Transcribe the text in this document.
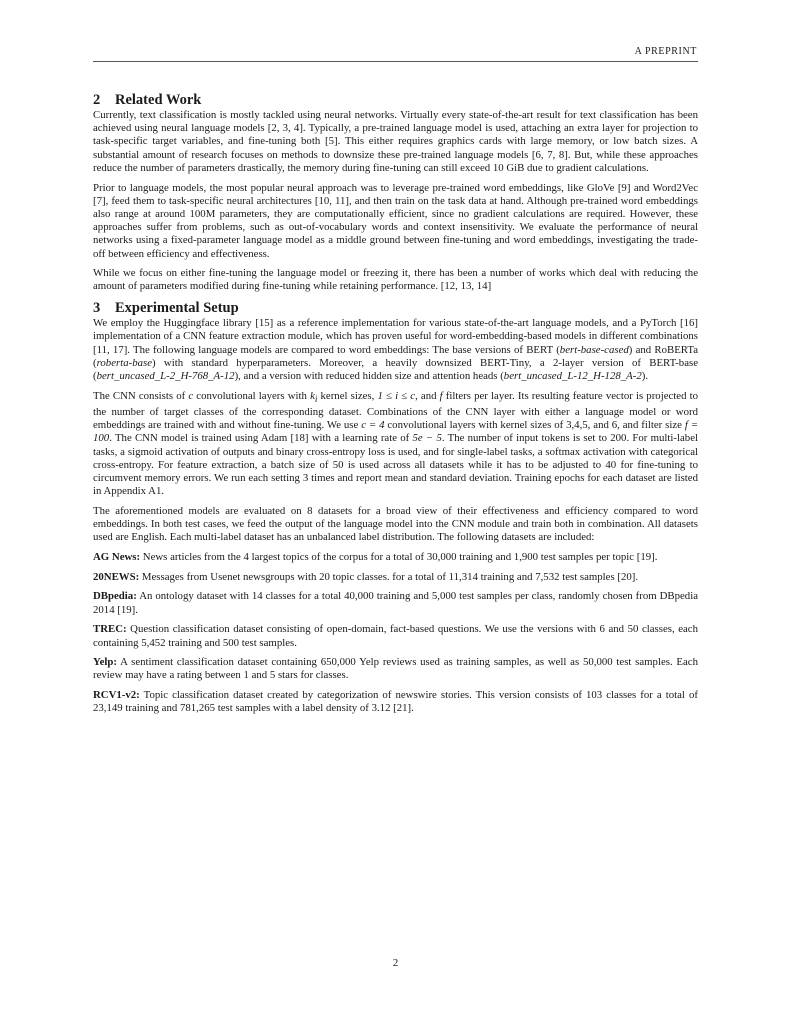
A PREPRINT
2 Related Work

Currently, text classification is mostly tackled using neural networks. Virtually every state-of-the-art result for text classification has been achieved using neural language models [2, 3, 4]. Typically, a pre-trained language model is used, attaching an extra layer for projection to task-specific target variables, and fine-tuning both [5]. This either requires graphics cards with large memory, or low batch sizes. A substantial amount of research focuses on methods to downsize these pre-trained language models [6, 7, 8]. But, while these approaches reduce the number of parameters drastically, the memory during fine-tuning can still exceed 10 GiB due to gradient calculations.

Prior to language models, the most popular neural approach was to leverage pre-trained word embeddings, like GloVe [9] and Word2Vec [7], feed them to task-specific neural architectures [10, 11], and then train on the task data at hand. Although pre-trained word embeddings also range at around 100M parameters, they are computationally efficient, since no gradient calculations are required. However, these approaches suffer from problems, such as out-of-vocabulary words and context insensitivity. We evaluate the performance of neural networks using a fixed-parameter language model as a middle ground between fine-tuning and word embeddings, investigating the trade-off between efficiency and effectiveness.

While we focus on either fine-tuning the language model or freezing it, there has been a number of works which deal with reducing the amount of parameters modified during fine-tuning while retaining performance. [12, 13, 14]

3 Experimental Setup

We employ the Huggingface library [15] as a reference implementation for various state-of-the-art language models, and a PyTorch [16] implementation of a CNN feature extraction module, which has proven useful for word-embedding-based models in different combinations [11, 17]. The following language models are compared to word embeddings: The base versions of BERT (bert-base-cased) and RoBERTa (roberta-base) with standard hyperparameters. Moreover, a heavily downsized BERT-Tiny, a 2-layer version of BERT-base (bert_uncased_L-2_H-768_A-12), and a version with reduced hidden size and attention heads (bert_uncased_L-12_H-128_A-2).

The CNN consists of c convolutional layers with $k_i$ kernel sizes, 1 ≤ i ≤ c, and f filters per layer. Its resulting feature vector is projected to the number of target classes of the corresponding dataset. Combinations of the CNN layer with either a language model or word embeddings are trained with and without fine-tuning. We use c = 4 convolutional layers with kernel sizes of 3,4,5, and 6, and filter size f = 100. The CNN model is trained using Adam [18] with a learning rate of 5e − 5. The number of input tokens is set to 200. For multi-label tasks, a sigmoid activation of outputs and binary cross-entropy loss is used, and for single-label tasks, a softmax activation with categorical cross-entropy. For feature extraction, a batch size of 50 is used across all datasets while it has to be adjusted to 40 for fine-tuning to circumvent memory errors. We run each setting 3 times and report mean and standard deviation. Training epochs for each dataset are listed in Appendix A1.

The aforementioned models are evaluated on 8 datasets for a broad view of their effectiveness and efficiency compared to word embeddings. In both test cases, we feed the output of the language model into the CNN module and train both in combination. All datasets used are English. Each multi-label dataset has an unbalanced label distribution. The following datasets are included:

AG News: News articles from the 4 largest topics of the corpus for a total of 30,000 training and 1,900 test samples per topic [19].

20NEWS: Messages from Usenet newsgroups with 20 topic classes. for a total of 11,314 training and 7,532 test samples [20].

DBpedia: An ontology dataset with 14 classes for a total 40,000 training and 5,000 test samples per class, randomly chosen from DBpedia 2014 [19].

TREC: Question classification dataset consisting of open-domain, fact-based questions. We use the versions with 6 and 50 classes, each containing 5,452 training and 500 test samples.

Yelp: A sentiment classification dataset containing 650,000 Yelp reviews used as training samples, as well as 50,000 test samples. Each review may have a rating between 1 and 5 stars for classes.

RCV1-v2: Topic classification dataset created by categorization of newswire stories. This version consists of 103 classes for a total of 23,149 training and 781,265 test samples with a label density of 3.12 [21].

2
